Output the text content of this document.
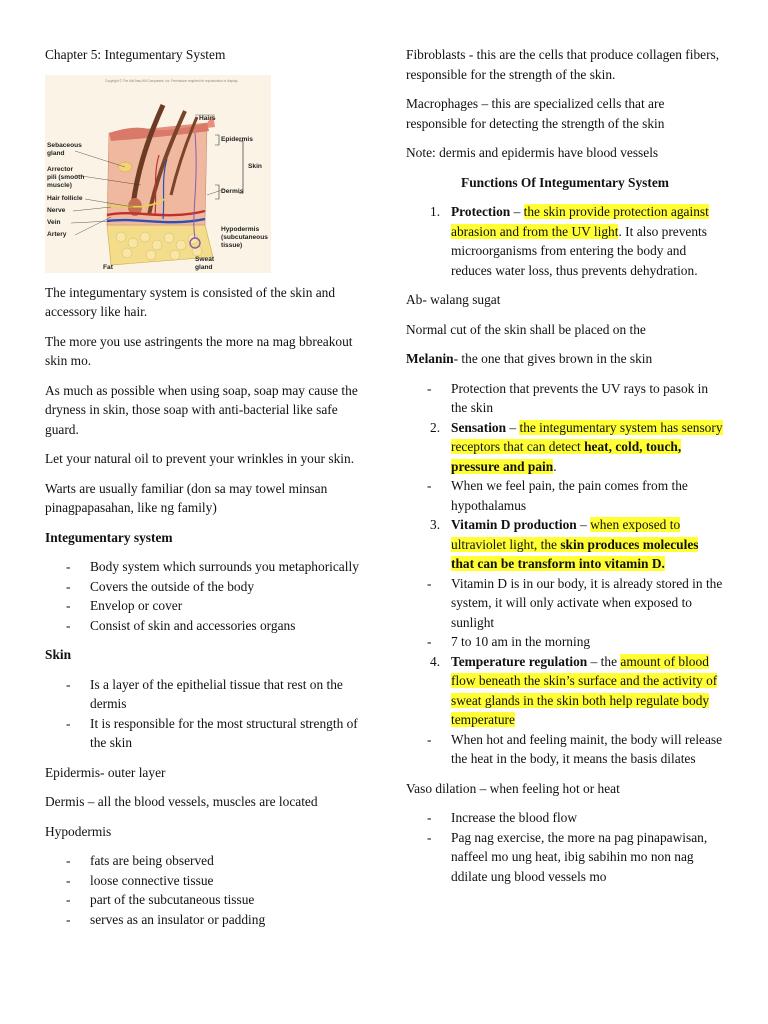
Chapter 5: Integumentary System

Copyright © The McGraw-Hill Companies, Inc. Permission required for reproduction or display.
Hairs
Epidermis
Skin
Dermis
Sebaceous
gland
Arrector
pili (smooth
muscle)
Hair follicle
Nerve
Vein
Artery
Fat
Sweat
gland
Hypodermis
(subcutaneous
tissue)

The integumentary system is consisted of the skin and accessory like hair.

The more you use astringents the more na mag bbreakout skin mo.

As much as possible when using soap, soap may cause the dryness in skin, those soap with anti-bacterial like safe guard.

Let your natural oil to prevent your wrinkles in your skin.

Warts are usually familiar (don sa may towel minsan pinagpapasahan, like ng family)

Integumentary system

- Body system which surrounds you metaphorically
- Covers the outside of the body
- Envelop or cover
- Consist of skin and accessories organs

Skin

- Is a layer of the epithelial tissue that rest on the dermis
- It is responsible for the most structural strength of the skin

Epidermis- outer layer

Dermis – all the blood vessels, muscles are located

Hypodermis

- fats are being observed
- loose connective tissue
- part of the subcutaneous tissue
- serves as an insulator or padding

Fibroblasts - this are the cells that produce collagen fibers, responsible for the strength of the skin.

Macrophages – this are specialized cells that are responsible for detecting the strength of the skin

Note: dermis and epidermis have blood vessels

Functions Of Integumentary System

1. Protection – the skin provide protection against abrasion and from the UV light. It also prevents microorganisms from entering the body and reduces water loss, thus prevents dehydration.

Ab- walang sugat

Normal cut of the skin shall be placed on the

Melanin- the one that gives brown in the skin

- Protection that prevents the UV rays to pasok in the skin
2. Sensation – the integumentary system has sensory receptors that can detect heat, cold, touch, pressure and pain.
- When we feel pain, the pain comes from the hypothalamus
3. Vitamin D production – when exposed to ultraviolet light, the skin produces molecules that can be transform into vitamin D.
- Vitamin D is in our body, it is already stored in the system, it will only activate when exposed to sunlight
- 7 to 10 am in the morning
4. Temperature regulation – the amount of blood flow beneath the skin’s surface and the activity of sweat glands in the skin both help regulate body temperature
- When hot and feeling mainit, the body will release the heat in the body, it means the basis dilates

Vaso dilation – when feeling hot or heat

- Increase the blood flow
- Pag nag exercise, the more na pag pinapawisan, naffeel mo ung heat, ibig sabihin mo non nag ddilate ung blood vessels mo
